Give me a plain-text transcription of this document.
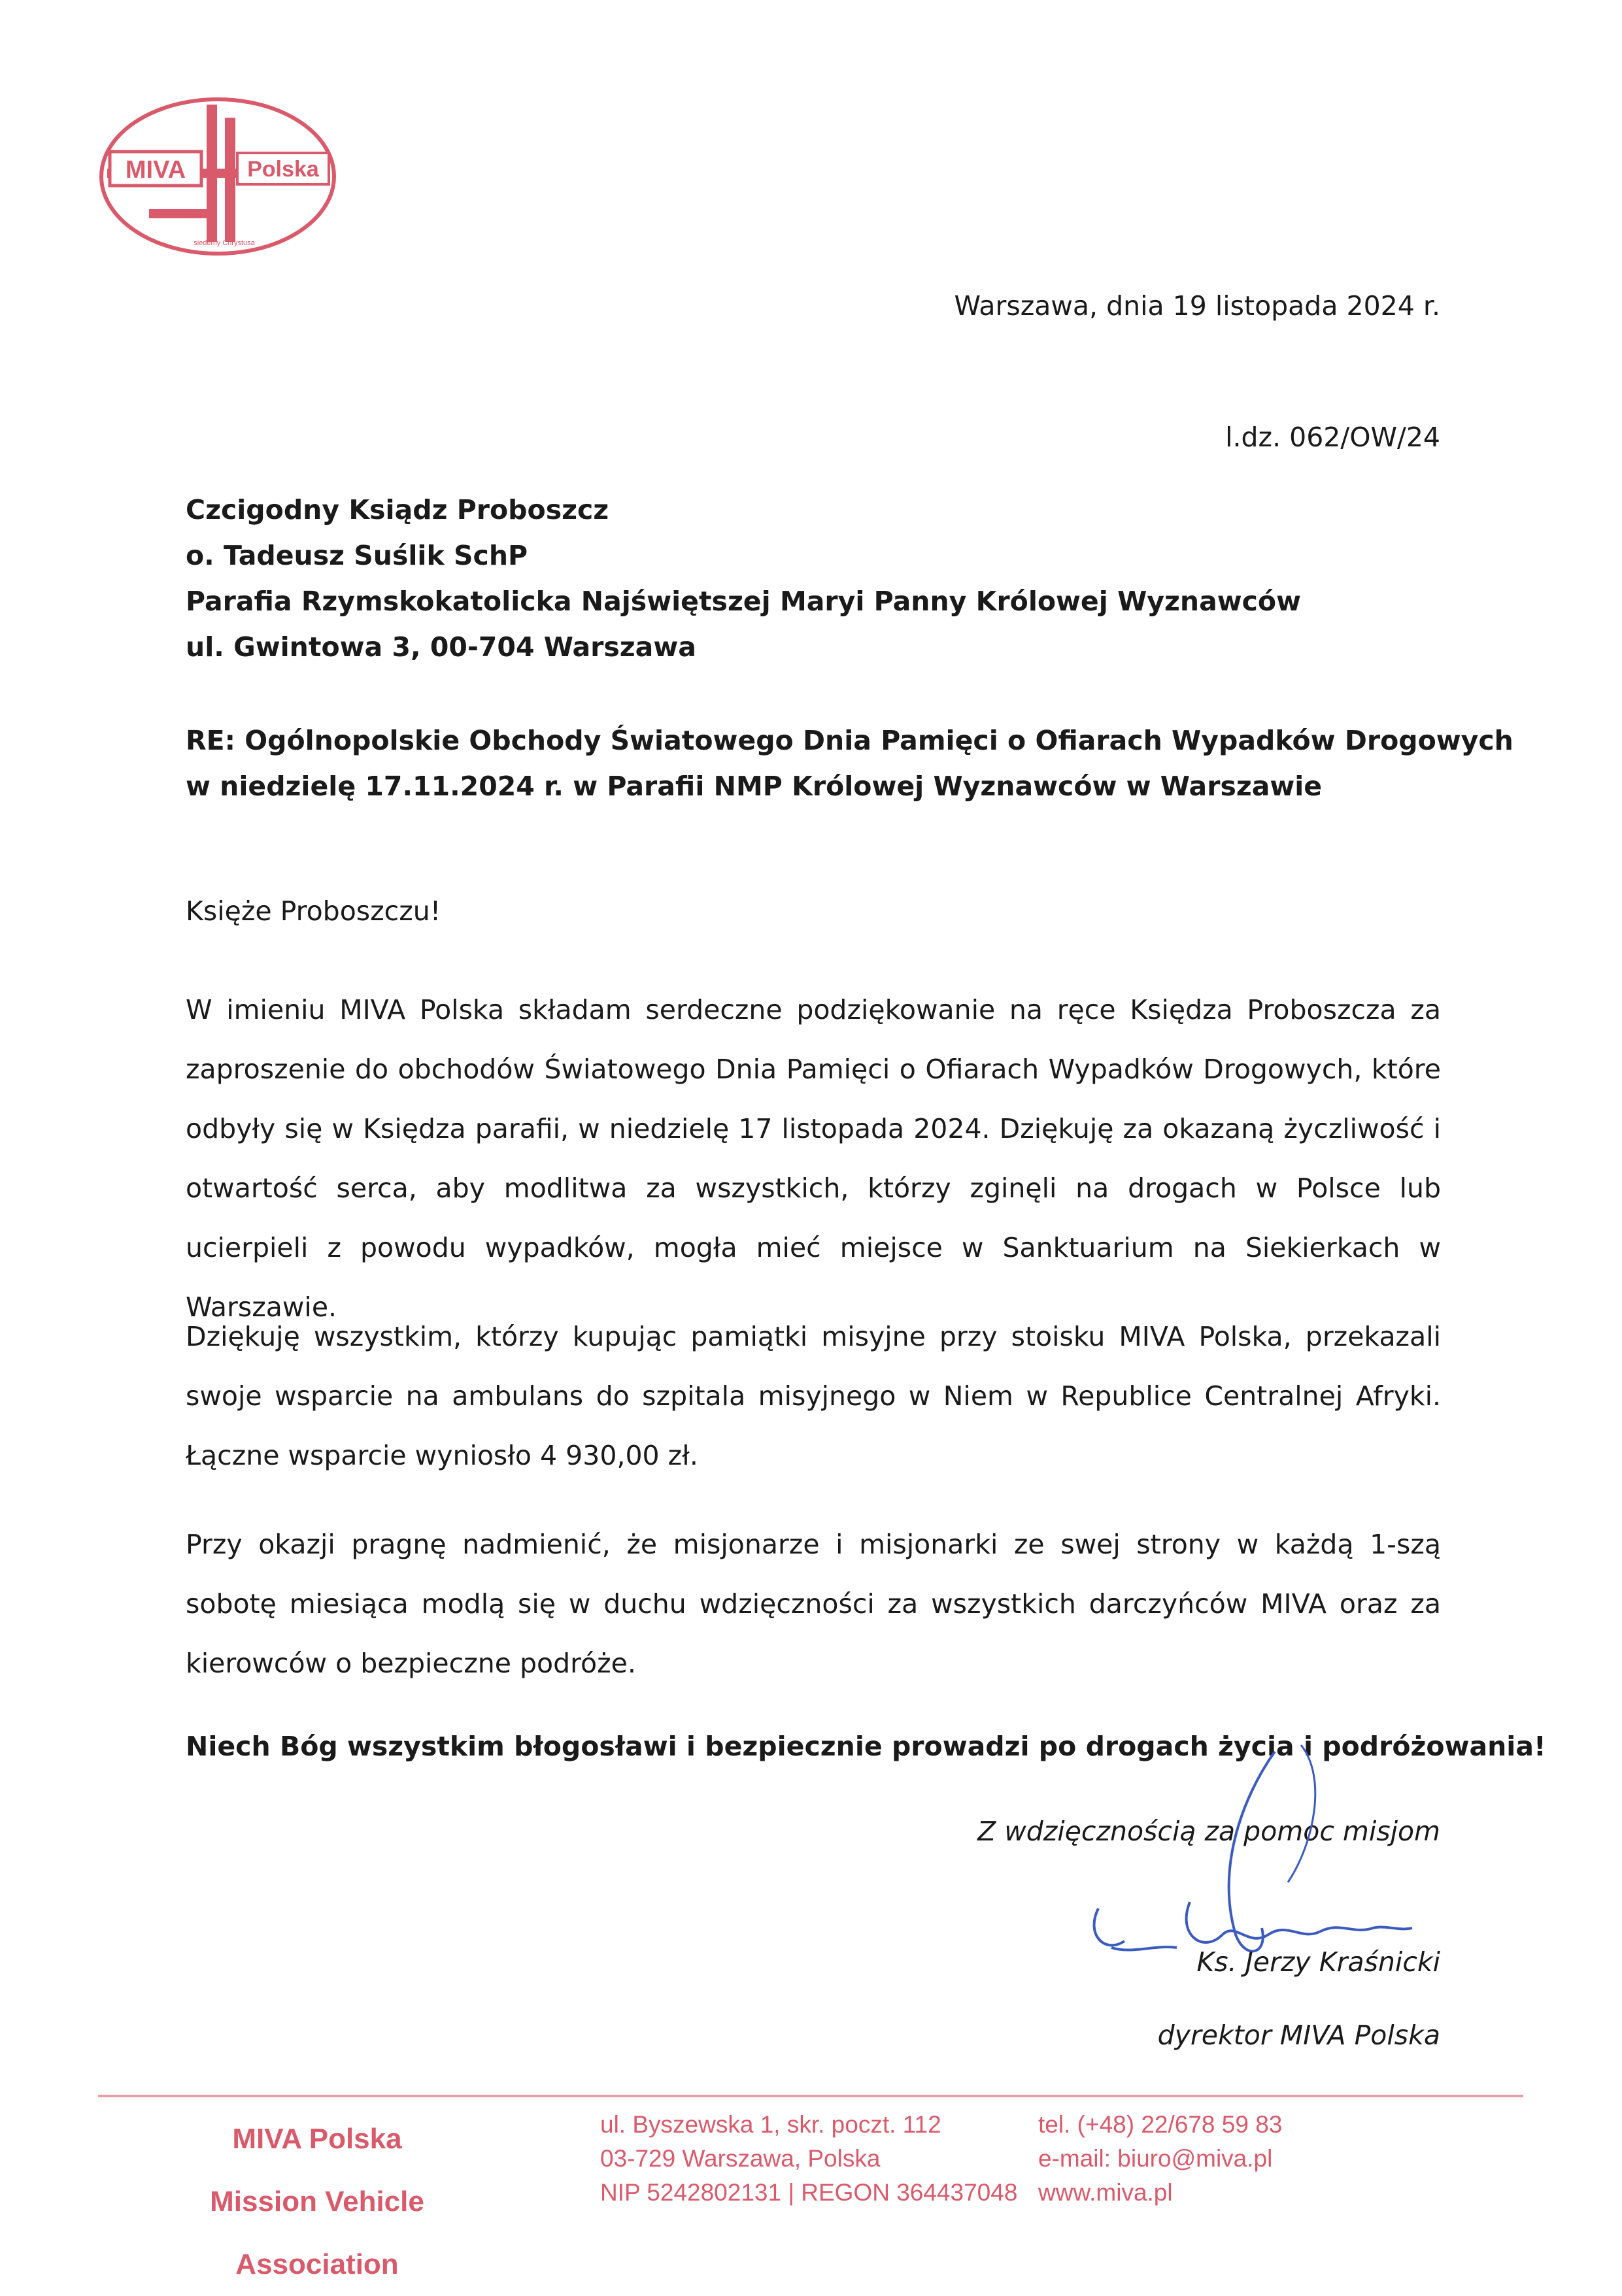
MIVA	Polska
siedemy Chrystusa
Warszawa, dnia 19 listopada 2024 r.
l.dz. 062/OW/24
Czcigodny Ksiądz Proboszcz
o. Tadeusz Suślik SchP
Parafia Rzymskokatolicka Najświętszej Maryi Panny Królowej Wyznawców
ul. Gwintowa 3, 00-704 Warszawa
RE: Ogólnopolskie Obchody Światowego Dnia Pamięci o Ofiarach Wypadków Drogowych
w niedzielę 17.11.2024 r. w Parafii NMP Królowej Wyznawców w Warszawie
Księże Proboszczu!

W imieniu MIVA Polska składam serdeczne podziękowanie na ręce Księdza Proboszcza za zaproszenie do obchodów Światowego Dnia Pamięci o Ofiarach Wypadków Drogowych, które odbyły się w Księdza parafii, w niedzielę 17 listopada 2024. Dziękuję za okazaną życzliwość i otwartość serca, aby modlitwa za wszystkich, którzy zginęli na drogach w Polsce lub ucierpieli z powodu wypadków, mogła mieć miejsce w Sanktuarium na Siekierkach w Warszawie.

Dziękuję wszystkim, którzy kupując pamiątki misyjne przy stoisku MIVA Polska, przekazali swoje wsparcie na ambulans do szpitala misyjnego w Niem w Republice Centralnej Afryki. Łączne wsparcie wyniosło 4 930,00 zł.

Przy okazji pragnę nadmienić, że misjonarze i misjonarki ze swej strony w każdą 1-szą sobotę miesiąca modlą się w duchu wdzięczności za wszystkich darczyńców MIVA oraz za kierowców o bezpieczne podróże.

Niech Bóg wszystkim błogosławi i bezpiecznie prowadzi po drogach życia i podróżowania!
Z wdzięcznością za pomoc misjom
Ks. Jerzy Kraśnicki
dyrektor MIVA Polska
MIVA Polska
Mission Vehicle Association
ul. Byszewska 1, skr. poczt. 112
03-729 Warszawa, Polska
NIP 5242802131 | REGON 364437048
tel. (+48) 22/678 59 83
e-mail: biuro@miva.pl
www.miva.pl
